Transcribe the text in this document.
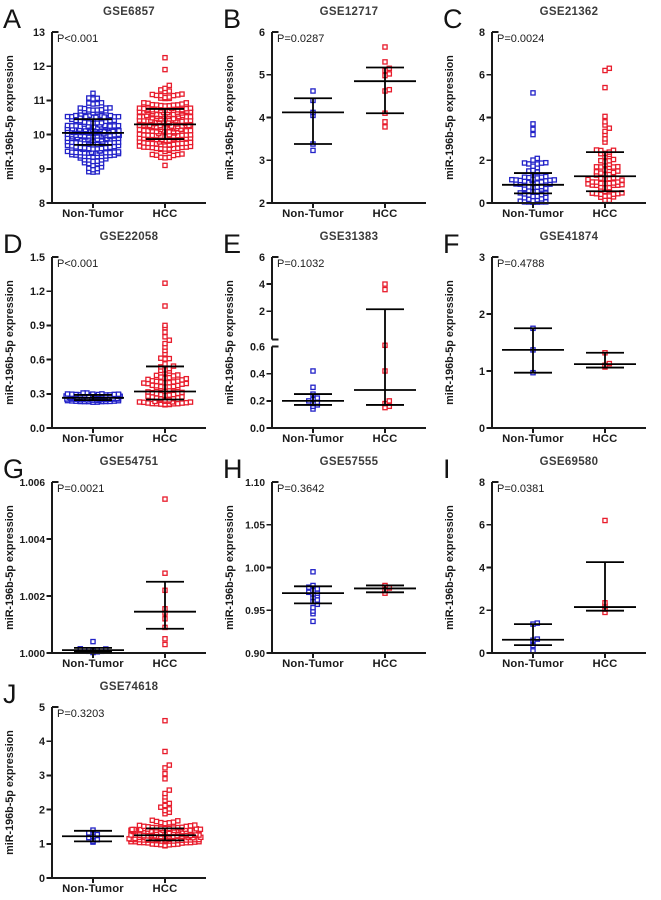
8
9
10
11
12
13
Non-Tumor	HCC
miR-196b-5p expression
GSE6857
A
P<0.001
2
3
4
5
6
Non-Tumor	HCC
miR-196b-5p expression
GSE12717
B
P=0.0287
0
2
4
6
8
Non-Tumor	HCC
miR-196b-5p expression
GSE21362
C
P=0.0024
0.0
0.3
0.6
0.9
1.2
1.5
Non-Tumor	HCC
miR-196b-5p expression
GSE22058
D
P<0.001
0.0
0.2
0.4
0.6
2
4
6
Non-Tumor	HCC
miR-196b-5p expression
GSE31383
E
P=0.1032
0
1
2
3
Non-Tumor	HCC
miR-196b-5p expression
GSE41874
F
P=0.4788
1.000
1.002
1.004
1.006
Non-Tumor	HCC
miR-196b-5p expression
GSE54751
G
P=0.0021
0.90
0.95
1.00
1.05
1.10
Non-Tumor	HCC
miR-196b-5p expression
GSE57555
H
P=0.3642
0
2
4
6
8
Non-Tumor	HCC
miR-196b-5p expression
GSE69580
I
P=0.0381
0
1
2
3
4
5
Non-Tumor	HCC
miR-196b-5p expression
GSE74618
J
P=0.3203
